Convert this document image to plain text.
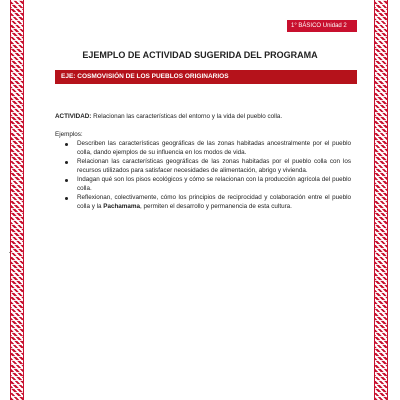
1° BÁSICO Unidad 2
EJEMPLO DE ACTIVIDAD SUGERIDA DEL PROGRAMA
EJE: COSMOVISIÓN DE LOS PUEBLOS ORIGINARIOS

ACTIVIDAD: Relacionan las características del entorno y la vida del pueblo colla.

Ejemplos:

Describen las características geográficas de las zonas habitadas ancestralmente por el pueblo colla, dando ejemplos de su influencia en los modos de vida.
Relacionan las características geográficas de las zonas habitadas por el pueblo colla con los recursos utilizados para satisfacer necesidades de alimentación, abrigo y vivienda.
Indagan qué son los pisos ecológicos y cómo se relacionan con la producción agrícola del pueblo colla.
Reflexionan, colectivamente, cómo los principios de reciprocidad y colaboración entre el pueblo colla y la Pachamama, permiten el desarrollo y permanencia de esta cultura.
